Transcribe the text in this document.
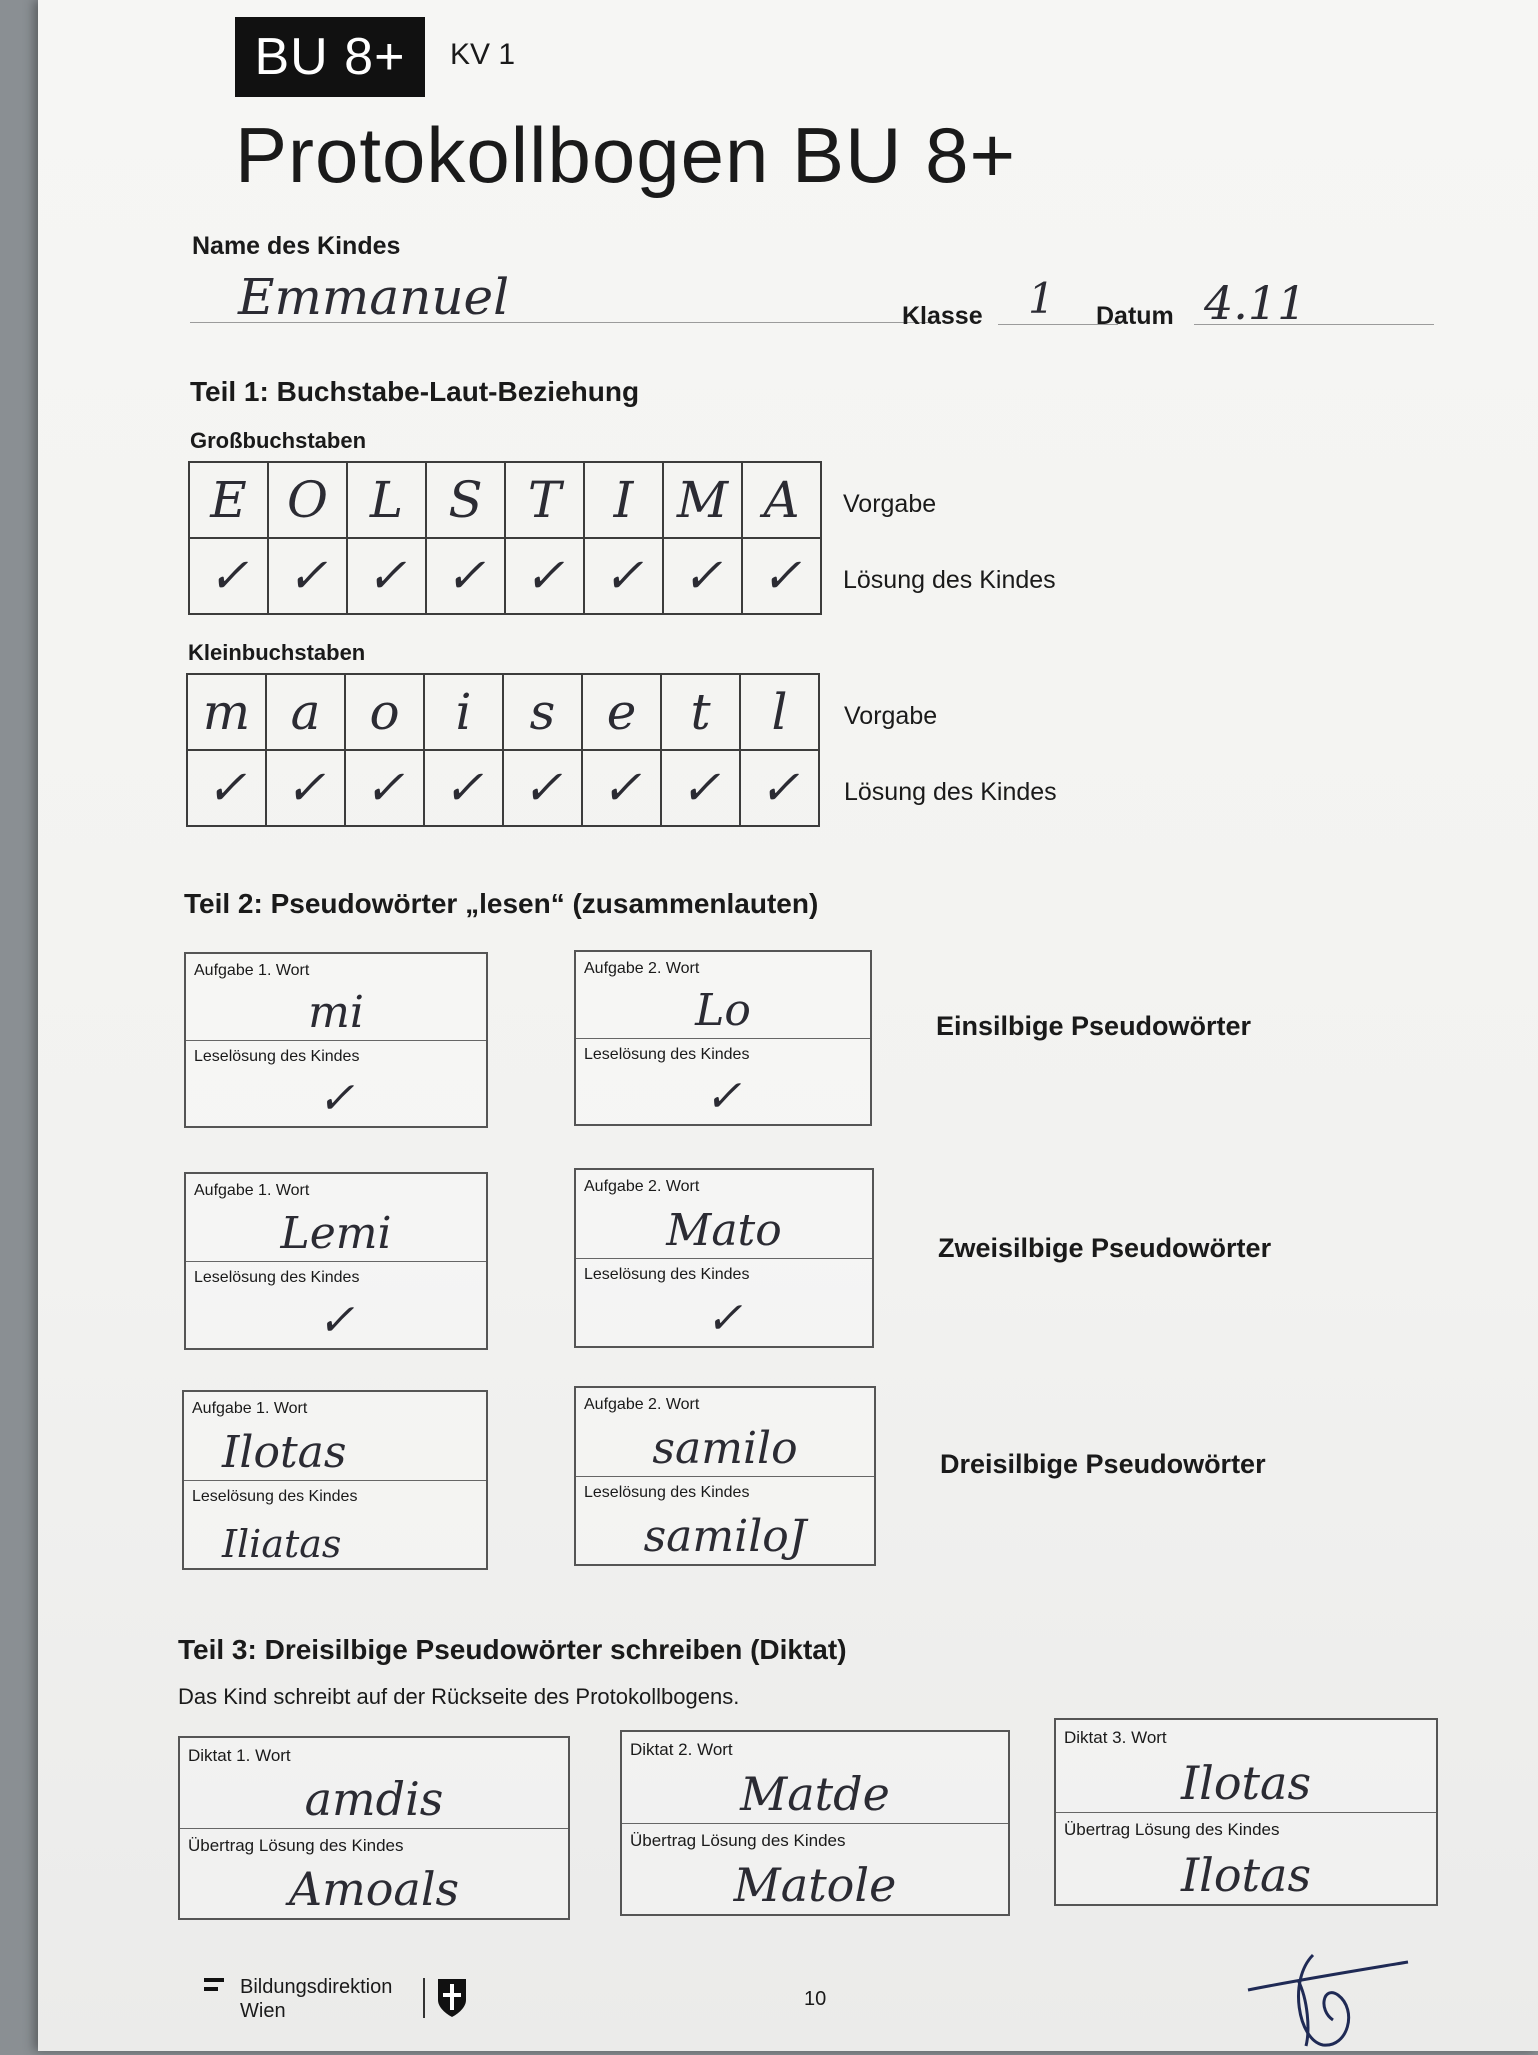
BU 8+	KV 1
Protokollbogen BU 8+
Name des Kindes
Emmanuel	Klasse 1 Datum 4.11
Teil 1: Buchstabe-Laut-Beziehung
Großbuchstaben
E	O	L	S	T	I	M	A
✓	✓	✓	✓	✓	✓	✓	✓
Vorgabe
Lösung des Kindes
Kleinbuchstaben
m	a	o	i	s	e	t	l
✓	✓	✓	✓	✓	✓	✓	✓
Vorgabe
Lösung des Kindes
Teil 2: Pseudowörter „lesen“ (zusammenlauten)
Aufgabe 1. Wort
mi
Leselösung des Kindes
✓
Aufgabe 2. Wort
Lo
Leselösung des Kindes
✓
Einsilbige Pseudowörter
Aufgabe 1. Wort
Lemi
Leselösung des Kindes
✓
Aufgabe 2. Wort
Mato
Leselösung des Kindes
✓
Zweisilbige Pseudowörter
Aufgabe 1. Wort
Ilotas
Leselösung des Kindes
Iliatas
Aufgabe 2. Wort
samilo
Leselösung des Kindes
samiloJ
Dreisilbige Pseudowörter
Teil 3: Dreisilbige Pseudowörter schreiben (Diktat)
Das Kind schreibt auf der Rückseite des Protokollbogens.
Diktat 1. Wort
amdis
Übertrag Lösung des Kindes
Amoals
Diktat 2. Wort
Matde
Übertrag Lösung des Kindes
Matole
Diktat 3. Wort
Ilotas
Übertrag Lösung des Kindes
Ilotas
Bildungsdirektion
Wien
10
